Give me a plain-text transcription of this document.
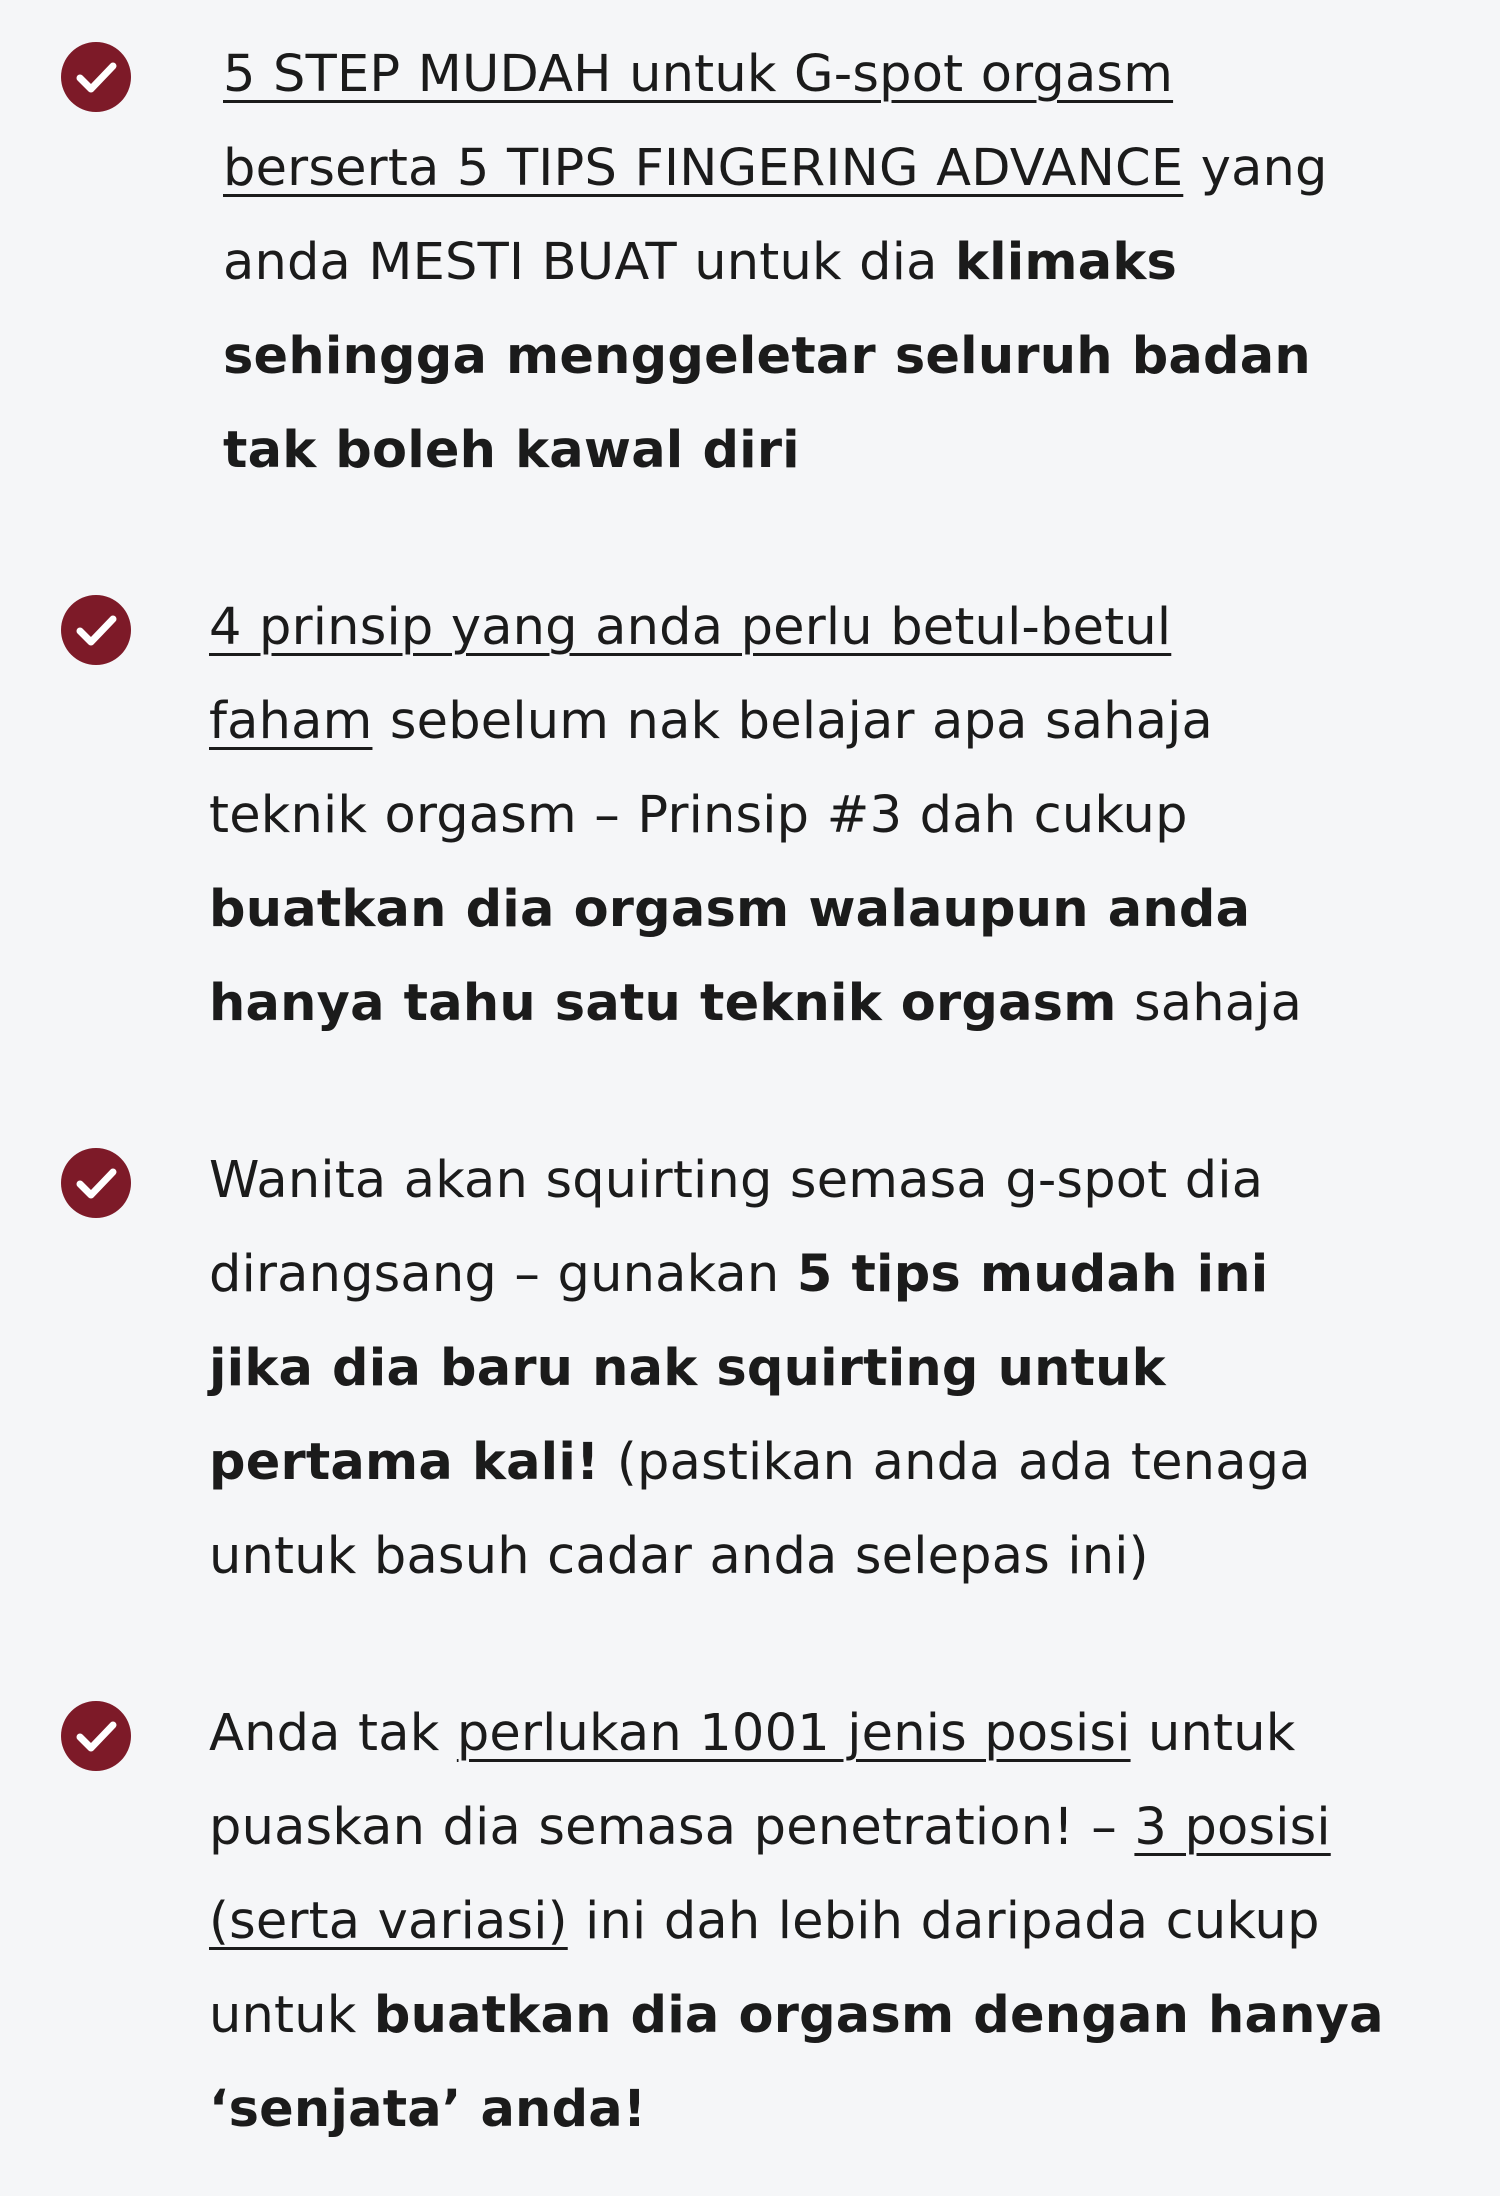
5 STEP MUDAH untuk G-spot orgasm
berserta 5 TIPS FINGERING ADVANCE yang
anda MESTI BUAT untuk dia klimaks
sehingga menggeletar seluruh badan
tak boleh kawal diri
4 prinsip yang anda perlu betul-betul
faham sebelum nak belajar apa sahaja
teknik orgasm – Prinsip #3 dah cukup
buatkan dia orgasm walaupun anda
hanya tahu satu teknik orgasm sahaja
Wanita akan squirting semasa g-spot dia
dirangsang – gunakan 5 tips mudah ini
jika dia baru nak squirting untuk
pertama kali! (pastikan anda ada tenaga
untuk basuh cadar anda selepas ini)
Anda tak perlukan 1001 jenis posisi untuk
puaskan dia semasa penetration! – 3 posisi
(serta variasi) ini dah lebih daripada cukup
untuk buatkan dia orgasm dengan hanya
‘senjata’ anda!
